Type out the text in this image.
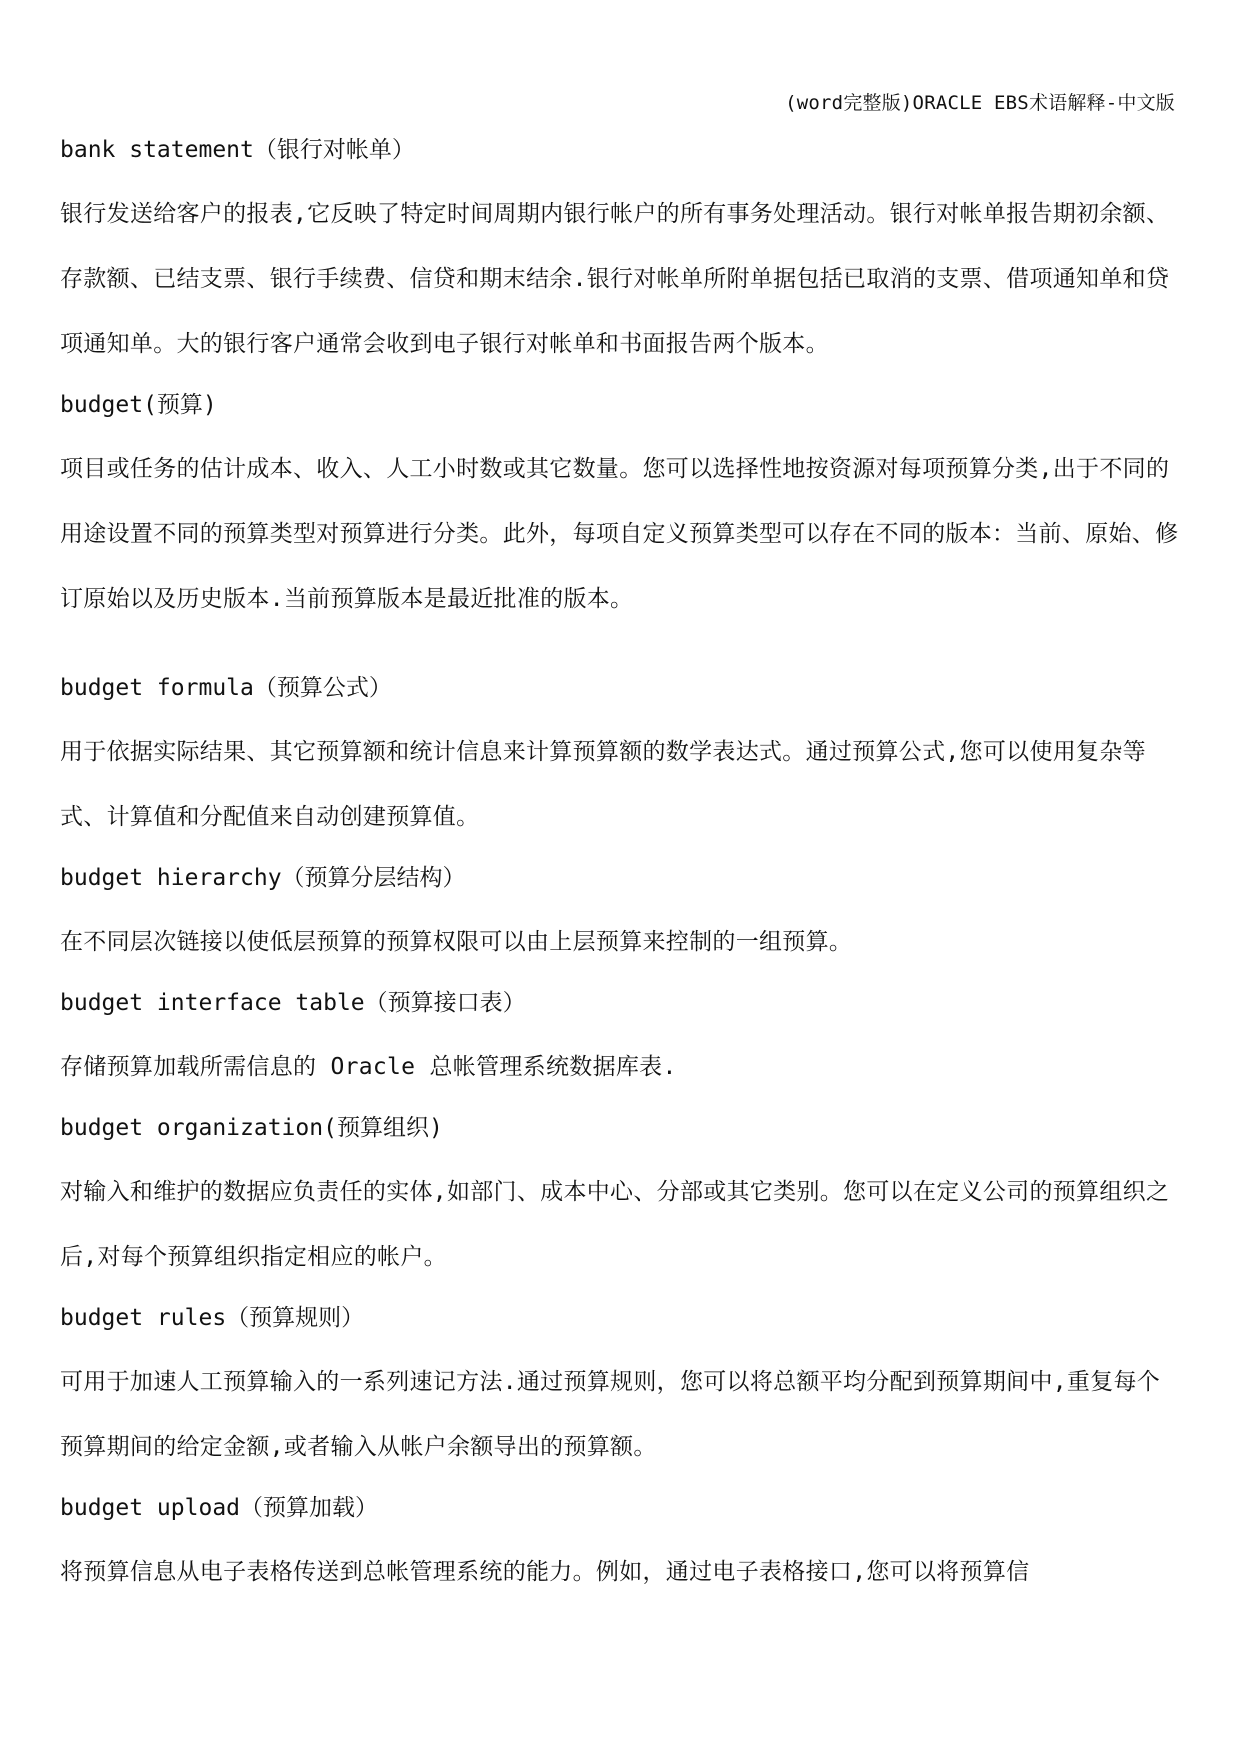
(word完整版)ORACLE EBS术语解释-中文版
bank statement（银行对帐单）
银行发送给客户的报表,它反映了特定时间周期内银行帐户的所有事务处理活动。银行对帐单报告期初余额、存款额、已结支票、银行手续费、信贷和期末结余.银行对帐单所附单据包括已取消的支票、借项通知单和贷项通知单。大的银行客户通常会收到电子银行对帐单和书面报告两个版本。
budget(预算)
项目或任务的估计成本、收入、人工小时数或其它数量。您可以选择性地按资源对每项预算分类,出于不同的用途设置不同的预算类型对预算进行分类。此外，每项自定义预算类型可以存在不同的版本：当前、原始、修订原始以及历史版本.当前预算版本是最近批准的版本。
budget formula（预算公式）
用于依据实际结果、其它预算额和统计信息来计算预算额的数学表达式。通过预算公式,您可以使用复杂等式、计算值和分配值来自动创建预算值。
budget hierarchy（预算分层结构）
在不同层次链接以使低层预算的预算权限可以由上层预算来控制的一组预算。
budget interface table（预算接口表）
存储预算加载所需信息的 Oracle 总帐管理系统数据库表.
budget organization(预算组织)
对输入和维护的数据应负责任的实体,如部门、成本中心、分部或其它类别。您可以在定义公司的预算组织之后,对每个预算组织指定相应的帐户。
budget rules（预算规则）
可用于加速人工预算输入的一系列速记方法.通过预算规则，您可以将总额平均分配到预算期间中,重复每个预算期间的给定金额,或者输入从帐户余额导出的预算额。
budget upload（预算加载）
将预算信息从电子表格传送到总帐管理系统的能力。例如，通过电子表格接口,您可以将预算信
